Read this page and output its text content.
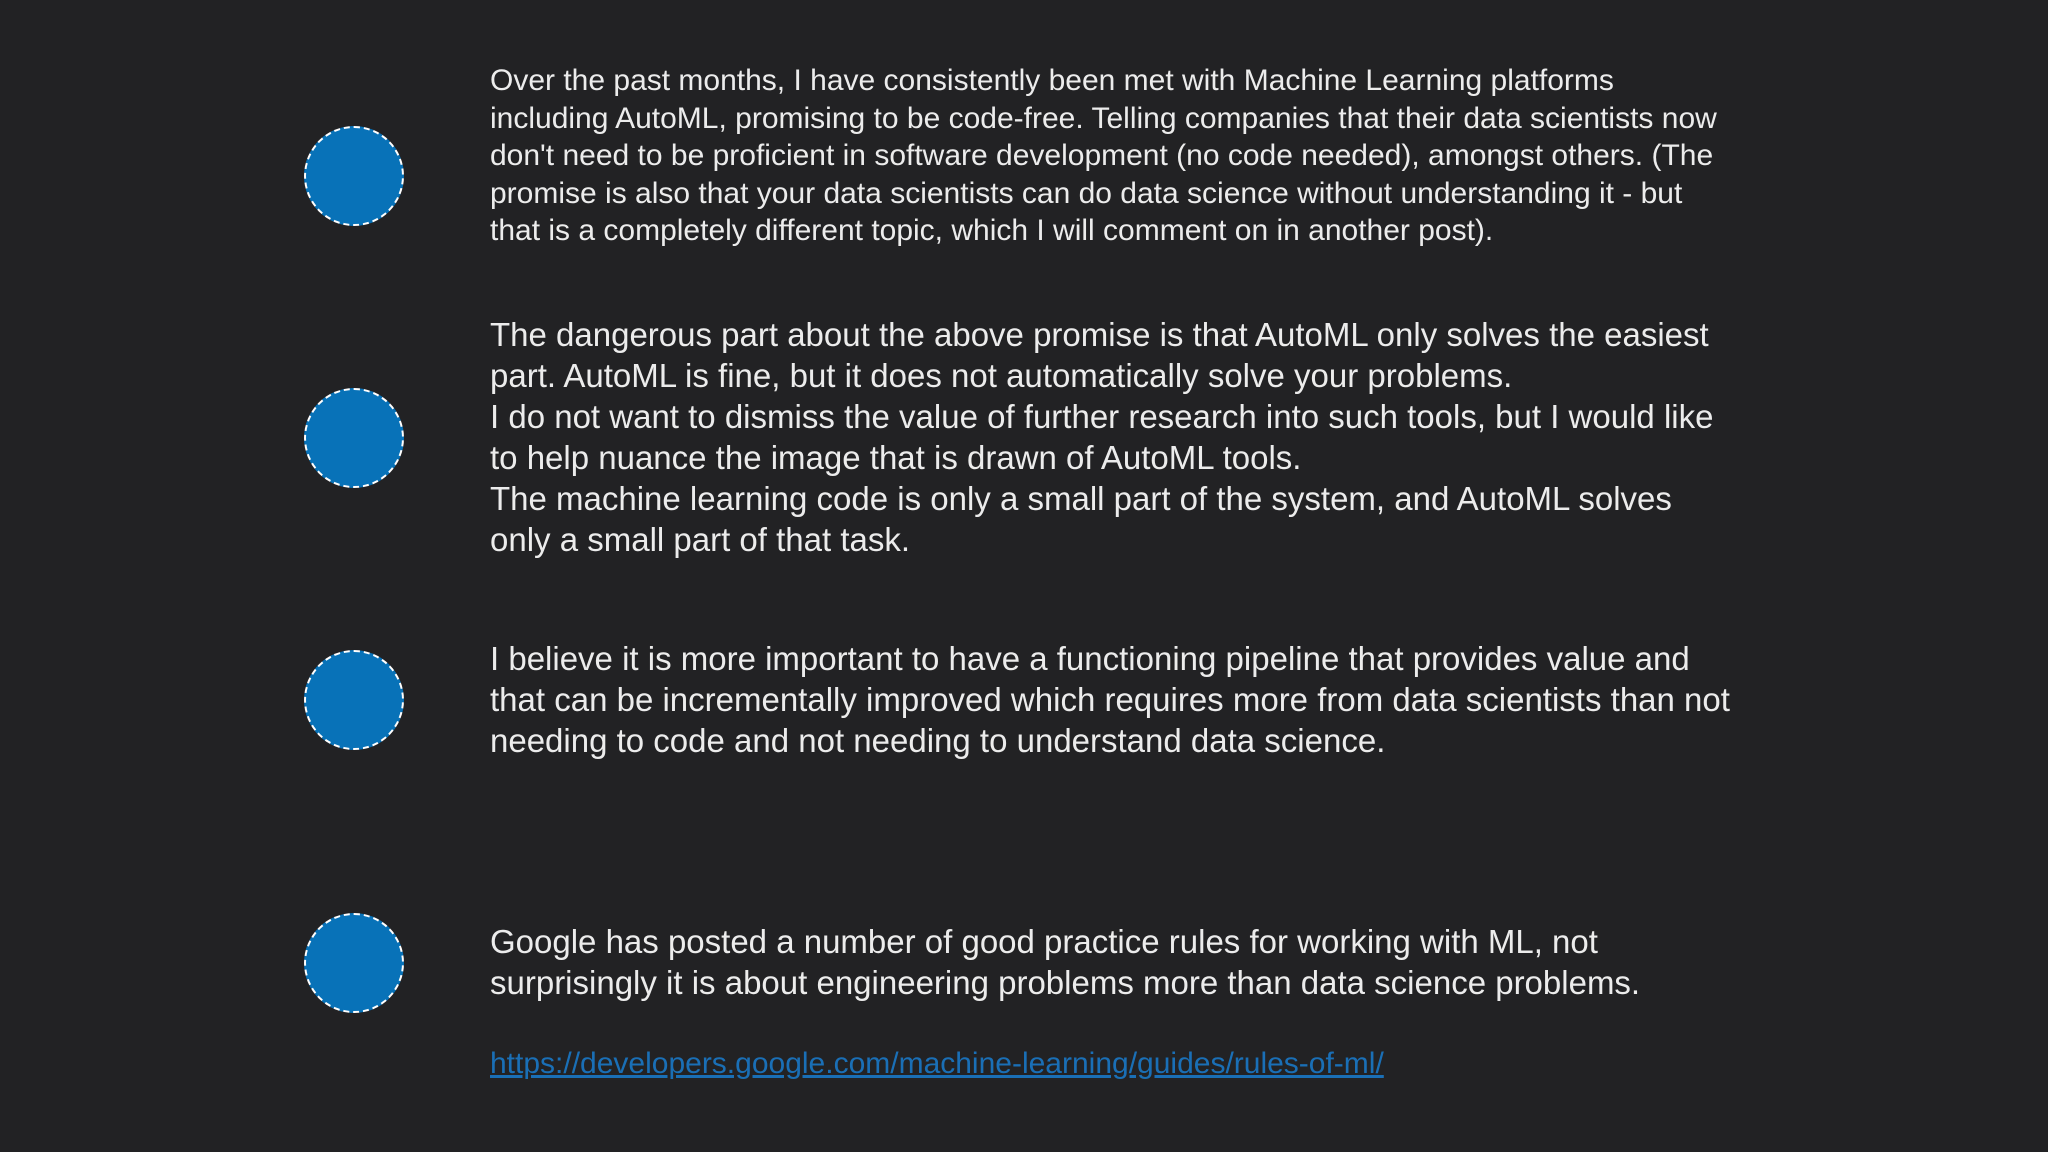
Over the past months, I have consistently been met with Machine Learning platforms including AutoML, promising to be code-free. Telling companies that their data scientists now don't need to be proficient in software development (no code needed), amongst others. (The promise is also that your data scientists can do data science without understanding it - but that is a completely different topic, which I will comment on in another post).

The dangerous part about the above promise is that AutoML only solves the easiest part. AutoML is fine, but it does not automatically solve your problems.
I do not want to dismiss the value of further research into such tools, but I would like to help nuance the image that is drawn of AutoML tools.
The machine learning code is only a small part of the system, and AutoML solves only a small part of that task.

I believe it is more important to have a functioning pipeline that provides value and that can be incrementally improved which requires more from data scientists than not needing to code and not needing to understand data science.

Google has posted a number of good practice rules for working with ML, not surprisingly it is about engineering problems more than data science problems.

https://developers.google.com/machine-learning/guides/rules-of-ml/
